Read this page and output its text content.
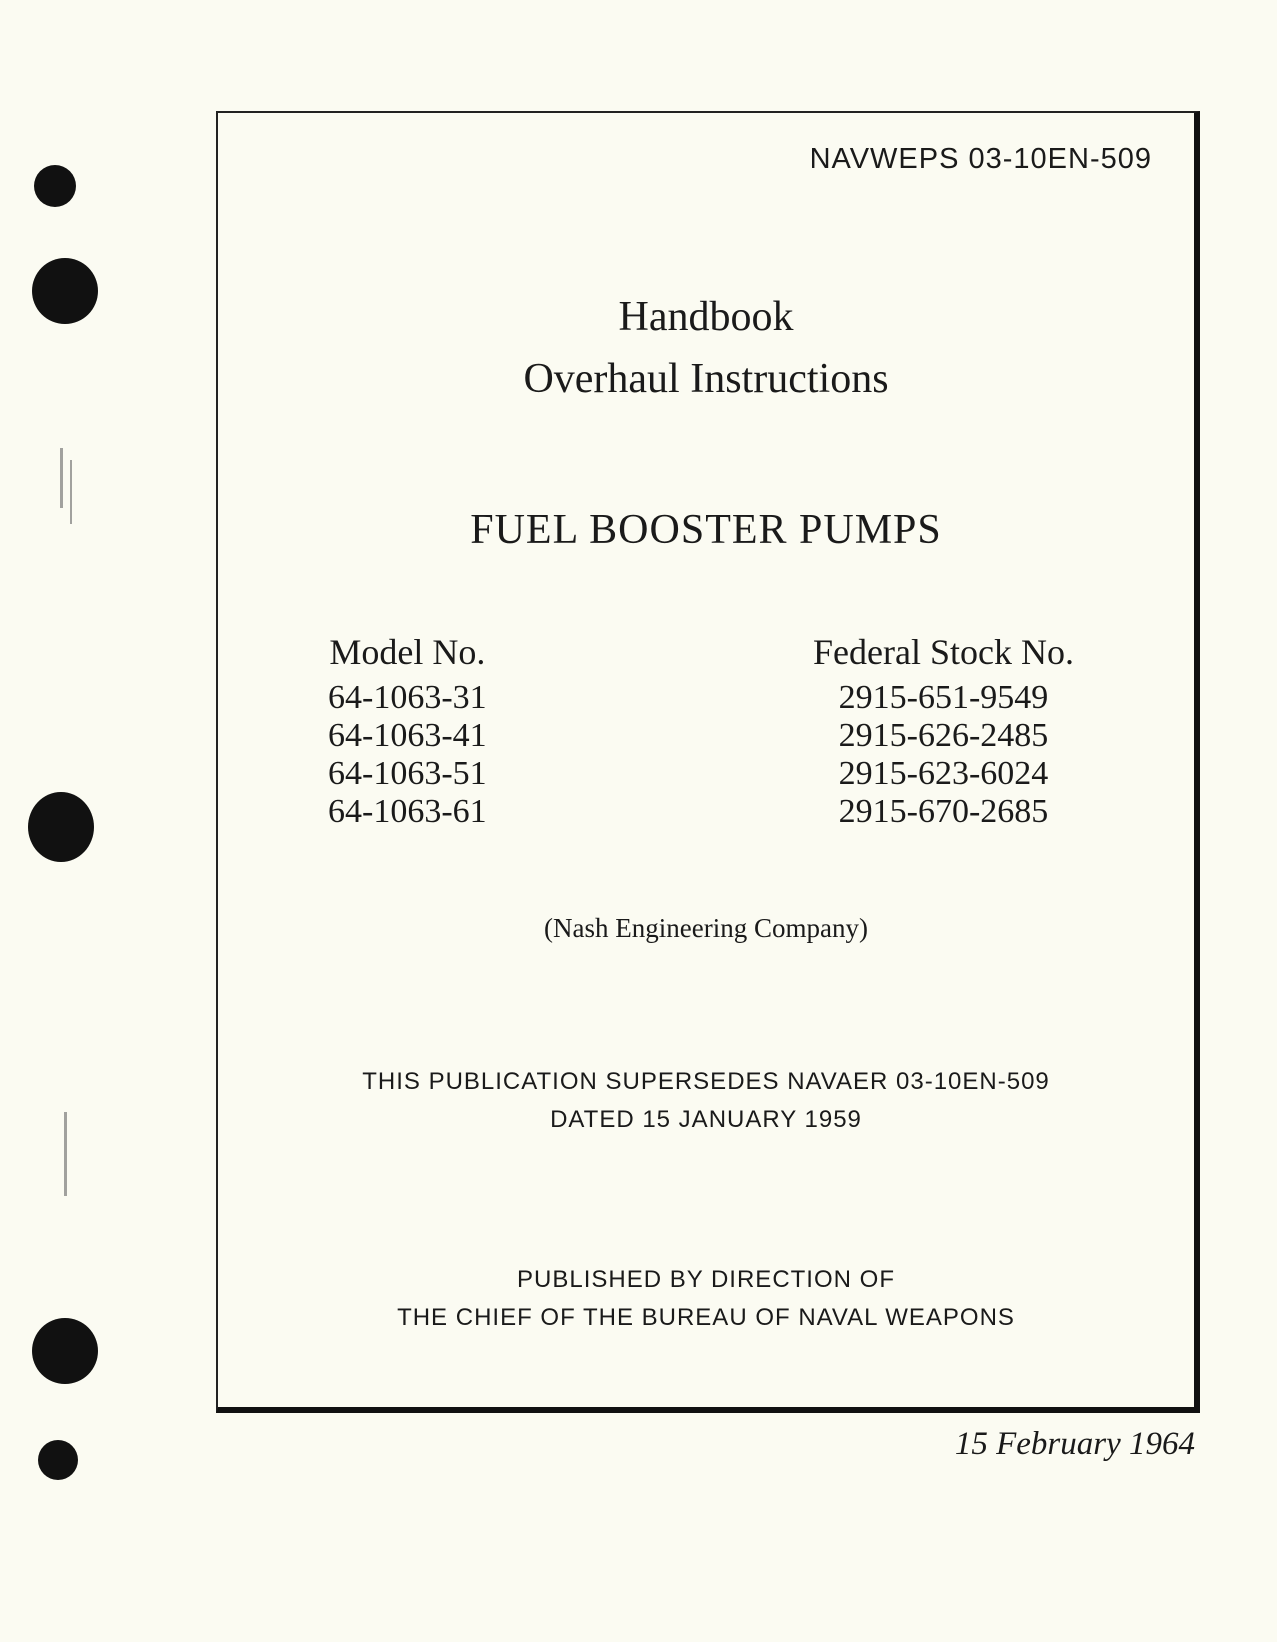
NAVWEPS 03-10EN-509

Handbook
Overhaul Instructions
FUEL BOOSTER PUMPS
Model No.
64-1063-31
64-1063-41
64-1063-51
64-1063-61
Federal Stock No.
2915-651-9549
2915-626-2485
2915-623-6024
2915-670-2685

(Nash Engineering Company)

THIS PUBLICATION SUPERSEDES NAVAER 03-10EN-509
DATED 15 JANUARY 1959
PUBLISHED BY DIRECTION OF
THE CHIEF OF THE BUREAU OF NAVAL WEAPONS
15 February 1964
